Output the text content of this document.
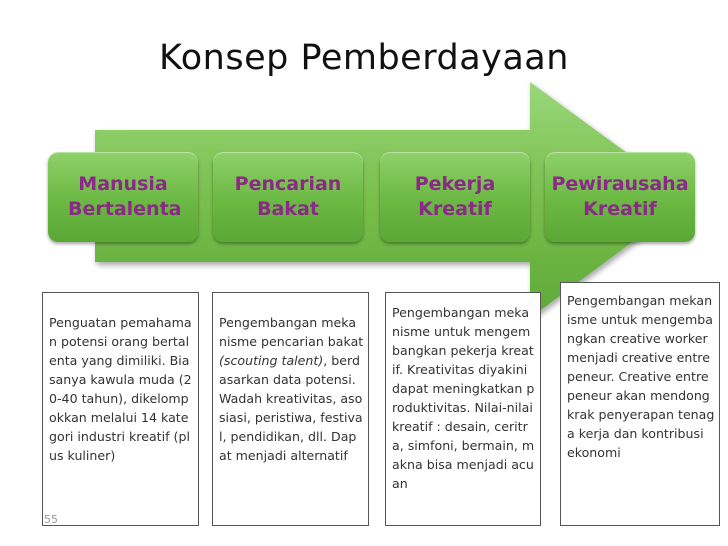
Konsep Pemberdayaan
Manusia Bertalenta
Pencarian Bakat
Pekerja Kreatif
Pewirausaha Kreatif

Penguatan pemahaman potensi orang bertalenta yang dimiliki. Biasanya kawula muda (20-40 tahun), dikelompokkan melalui 14 kategori industri kreatif (plus kuliner)

Pengembangan mekanisme pencarian bakat (scouting talent), berdasarkan data potensi. Wadah kreativitas, asosiasi, peristiwa, festival, pendidikan, dll. Dapat menjadi alternatif

Pengembangan mekanisme untuk mengembangkan pekerja kreatif. Kreativitas diyakini dapat meningkatkan produktivitas. Nilai-nilai kreatif : desain, ceritra, simfoni, bermain, makna bisa menjadi acuan

Pengembangan mekanisme untuk mengembangkan creative worker menjadi creative entrepeneur. Creative entrepeneur akan mendongkrak penyerapan tenaga kerja dan kontribusi ekonomi

55
